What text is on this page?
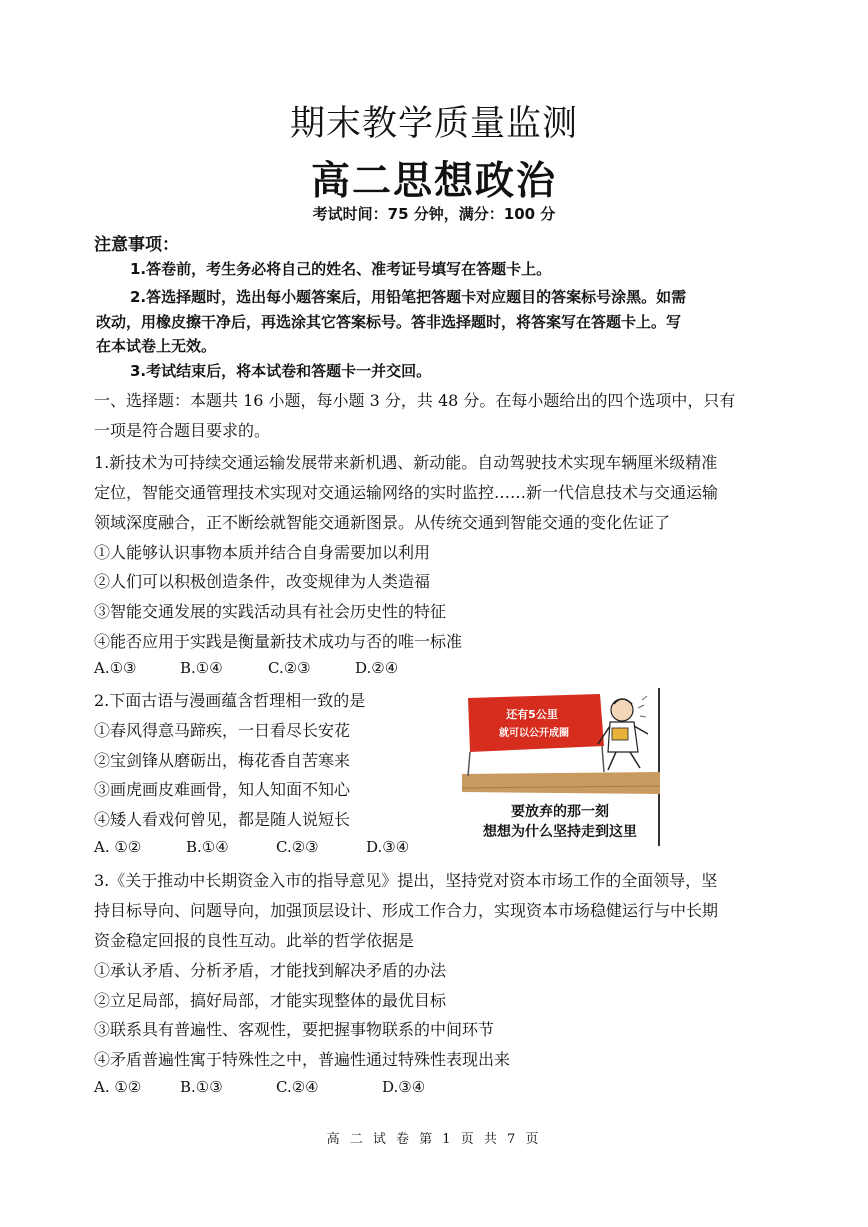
期末教学质量监测
高二思想政治
考试时间：75 分钟，满分：100 分
注意事项：
1.答卷前，考生务必将自己的姓名、准考证号填写在答题卡上。
2.答选择题时，选出每小题答案后，用铅笔把答题卡对应题目的答案标号涂黑。如需
改动，用橡皮擦干净后，再选涂其它答案标号。答非选择题时，将答案写在答题卡上。写
在本试卷上无效。
3.考试结束后，将本试卷和答题卡一并交回。
一、选择题：本题共 16 小题，每小题 3 分，共 48 分。在每小题给出的四个选项中，只有
一项是符合题目要求的。
1.新技术为可持续交通运输发展带来新机遇、新动能。自动驾驶技术实现车辆厘米级精准
定位，智能交通管理技术实现对交通运输网络的实时监控……新一代信息技术与交通运输
领域深度融合，正不断绘就智能交通新图景。从传统交通到智能交通的变化佐证了
①人能够认识事物本质并结合自身需要加以利用
②人们可以积极创造条件，改变规律为人类造福
③智能交通发展的实践活动具有社会历史性的特征
④能否应用于实践是衡量新技术成功与否的唯一标准
A.①③	B.①④	C.②③	D.②④
2.下面古语与漫画蕴含哲理相一致的是
①春风得意马蹄疾，一日看尽长安花
②宝剑锋从磨砺出，梅花香自苦寒来
③画虎画皮难画骨，知人知面不知心
④矮人看戏何曾见，都是随人说短长
A. ①②	B.①④	C.②③	D.③④
还有5公里
就可以公开成圈
要放弃的那一刻
想想为什么坚持走到这里
3.《关于推动中长期资金入市的指导意见》提出，坚持党对资本市场工作的全面领导，坚
持目标导向、问题导向，加强顶层设计、形成工作合力，实现资本市场稳健运行与中长期
资金稳定回报的良性互动。此举的哲学依据是
①承认矛盾、分析矛盾，才能找到解决矛盾的办法
②立足局部，搞好局部，才能实现整体的最优目标
③联系具有普遍性、客观性，要把握事物联系的中间环节
④矛盾普遍性寓于特殊性之中，普遍性通过特殊性表现出来
A. ①②	B.①③	C.②④	D.③④
高 二 试 卷 第 1 页 共 7 页
